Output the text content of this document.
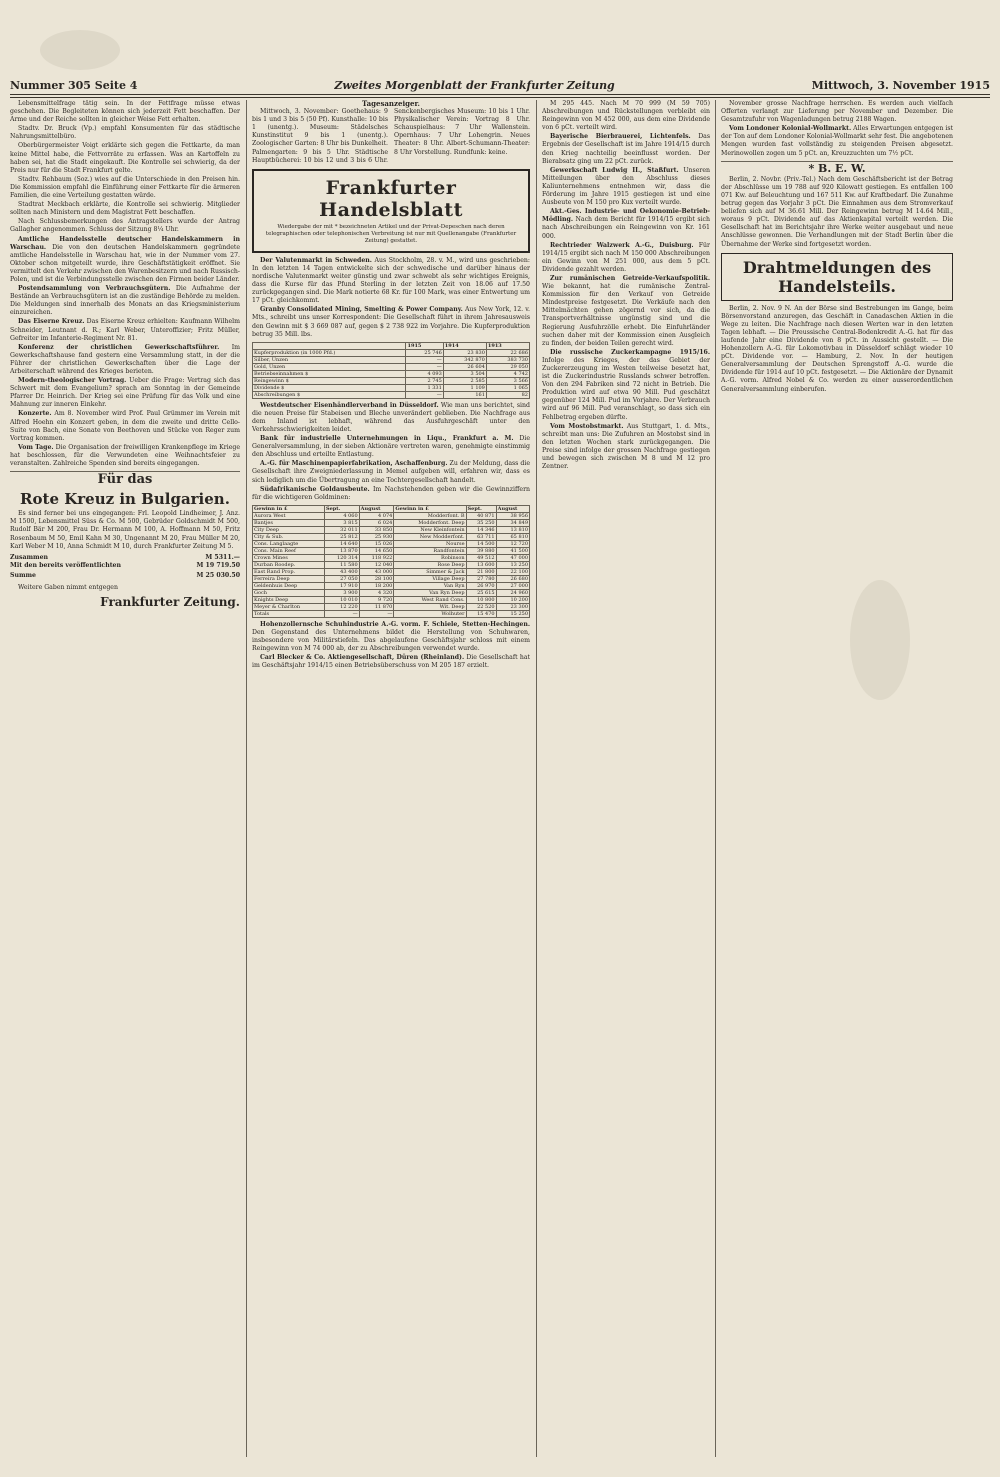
Nummer 305 Seite 4	Zweites Morgenblatt der Frankfurter Zeitung	Mittwoch, 3. November 1915

Lebensmittelfrage tätig sein. In der Fettfrage müsse etwas geschehen. Die Begleiteten können sich jederzeit Fett beschaffen. Der Arme und der Reiche sollten in gleicher Weise Fett erhalten.

Stadtv. Dr. Bruck (Vp.) empfahl Konsumenten für das städtische Nahrungsmittelbüro.

Oberbürgermeister Voigt erklärte sich gegen die Fettkarte, da man keine Mittel habe, die Fettvorräte zu erfassen. Was an Kartoffeln zu haben sei, hat die Stadt eingekauft. Die Kontrolle sei schwierig, da der Preis nur für die Stadt Frankfurt gelte.

Stadtv. Rehbaum (Soz.) wies auf die Unterschiede in den Preisen hin. Die Kommission empfahl die Einführung einer Fettkarte für die ärmeren Familien, die eine Verteilung gestatten würde.

Stadtrat Meckbach erklärte, die Kontrolle sei schwierig. Mitglieder sollten nach Ministern und dem Magistrat Fett beschaffen.

Nach Schlussbemerkungen des Antragstellers wurde der Antrag Gallagher angenommen. Schluss der Sitzung 8¼ Uhr.

Amtliche Handelsstelle deutscher Handelskammern in Warschau. Die von den deutschen Handelskammern gegründete amtliche Handelsstelle in Warschau hat, wie in der Nummer vom 27. Oktober schon mitgeteilt wurde, ihre Geschäftstätigkeit eröffnet. Sie vermittelt den Verkehr zwischen den Warenbesitzern und nach Russisch-Polen, und ist die Verbindungsstelle zwischen den Firmen beider Länder.

Postendsammlung von Verbrauchsgütern. Die Aufnahme der Bestände an Verbrauchsgütern ist an die zuständige Behörde zu melden. Die Meldungen sind innerhalb des Monats an das Kriegsministerium einzureichen.

Das Eiserne Kreuz. Das Eiserne Kreuz erhielten: Kaufmann Wilhelm Schneider, Leutnant d. R.; Karl Weber, Unteroffizier; Fritz Müller, Gefreiter im Infanterie-Regiment Nr. 81.

Konferenz der christlichen Gewerkschaftsführer. Im Gewerkschaftshause fand gestern eine Versammlung statt, in der die Führer der christlichen Gewerkschaften über die Lage der Arbeiterschaft während des Krieges berieten.

Modern-theologischer Vortrag. Ueber die Frage: Vertrag sich das Schwert mit dem Evangelium? sprach am Sonntag in der Gemeinde Pfarrer Dr. Heinrich. Der Krieg sei eine Prüfung für das Volk und eine Mahnung zur inneren Einkehr.

Konzerte. Am 8. November wird Prof. Paul Grümmer im Verein mit Alfred Hoehn ein Konzert geben, in dem die zweite und dritte Cello-Suite von Bach, eine Sonate von Beethoven und Stücke von Reger zum Vortrag kommen.

Vom Tage. Die Organisation der freiwilligen Krankenpflege im Kriege hat beschlossen, für die Verwundeten eine Weihnachtsfeier zu veranstalten. Zahlreiche Spenden sind bereits eingegangen.

Für das
Rote Kreuz in Bulgarien.

Es sind ferner bei uns eingegangen: Frl. Leopold Lindheimer, J. Anz. M 1500, Lebensmittel Süss & Co. M 500, Gebrüder Goldschmidt M 500, Rudolf Bär M 200, Frau Dr. Hermann M 100, A. Hoffmann M 50, Fritz Rosenbaum M 50, Emil Kahn M 30, Ungenannt M 20, Frau Müller M 20, Karl Weber M 10, Anna Schmidt M 10, durch Frankfurter Zeitung M 5.

Zusammen	M 5311.—
Mit den bereits veröffentlichten	M 19 719.50
Summe	M 25 030.50

Weitere Gaben nimmt entgegen

Frankfurter Zeitung.
Tagesanzeiger.

Mittwoch, 3. November: Goethehaus: 9 bis 1 und 3 bis 5 (50 Pf). Kunsthalle: 10 bis 1 (unentg.). Museum: Städelsches Kunstinstitut 9 bis 1 (unentg.). Zoologischer Garten: 8 Uhr bis Dunkelheit. Palmengarten: 9 bis 5 Uhr. Städtische Hauptbücherei: 10 bis 12 und 3 bis 6 Uhr. Senckenbergisches Museum: 10 bis 1 Uhr. Physikalischer Verein: Vortrag 8 Uhr. Schauspielhaus: 7 Uhr Wallenstein. Opernhaus: 7 Uhr Lohengrin. Neues Theater: 8 Uhr. Albert-Schumann-Theater: 8 Uhr Vorstellung. Rundfunk: keine.

Frankfurter Handelsblatt
Wiedergabe der mit * bezeichneten Artikel und der Privat-Depeschen nach deren telegraphischen oder telephonischen Verbreitung ist nur mit Quellenangabe (Frankfurter Zeitung) gestattet.

Der Valutenmarkt in Schweden. Aus Stockholm, 28. v. M., wird uns geschrieben: In den letzten 14 Tagen entwickelte sich der schwedische und darüber hinaus der nordische Valutenmarkt weiter günstig und zwar schwebt als sehr wichtiges Ereignis, dass die Kurse für das Pfund Sterling in der letzten Zeit von 18.06 auf 17.50 zurückgegangen sind. Die Mark notierte 68 Kr. für 100 Mark, was einer Entwertung um 17 pCt. gleichkommt.

Granby Consolidated Mining, Smelting & Power Company. Aus New York, 12. v. Mts., schreibt uns unser Korrespondent: Die Gesellschaft führt in ihrem Jahresausweis den Gewinn mit $ 3 669 087 auf, gegen $ 2 738 922 im Vorjahre. Die Kupferproduktion betrug 35 Mill. lbs.

	1915	1914	1913
Kupferproduktion (in 1000 Pfd.)	25 746	23 830	22 686
Silber, Unzen	—	342 870	383 730
Gold, Unzen	—	26 604	29 050
Betriebseinnahmen $	4 093	3 504	4 742
Reingewinn $	2 745	2 585	3 566
Dividende $	1 331	1 109	1 065
Abschreibungen $	—	161	82

Westdeutscher Eisenhändlerverband in Düsseldorf. Wie man uns berichtet, sind die neuen Preise für Stabeisen und Bleche unverändert geblieben. Die Nachfrage aus dem Inland ist lebhaft, während das Ausfuhrgeschäft unter den Verkehrsschwierigkeiten leidet.

Bank für industrielle Unternehmungen in Liqu., Frankfurt a. M. Die Generalversammlung, in der sieben Aktionäre vertreten waren, genehmigte einstimmig den Abschluss und erteilte Entlastung.

A.-G. für Maschinenpapierfabrikation, Aschaffenburg. Zu der Meldung, dass die Gesellschaft ihre Zweigniederlassung in Memel aufgeben will, erfahren wir, dass es sich lediglich um die Übertragung an eine Tochtergesellschaft handelt.

Südafrikanische Goldausbeute. Im Nachstehenden geben wir die Gewinnziffern für die wichtigeren Goldminen:

Gewinn in £	Sept.	August	Gewinn in £	Sept.	August
Aurora West	4 060	4 074	Modderfont. B	40 871	38 956
Bantjes	3 815	6 024	Modderfont. Deep	35 250	34 849
City Deep	32 011	33 850	New Kleinfontein	14 346	13 810
City & Sub.	25 812	25 930	New Modderfont.	63 711	65 810
Cons. Langlaagte	14 640	15 026	Nourse	14 500	12 720
Cons. Main Reef	13 870	14 650	Randfontein	39 880	41 500
Crown Mines	120 314	118 922	Robinson	49 512	47 000
Durban Roodep.	11 580	12 040	Rose Deep	13 600	13 250
East Rand Prop.	43 400	43 000	Simmer & Jack	21 800	22 100
Ferreira Deep	27 050	28 100	Village Deep	27 780	26 680
Geldenhuis Deep	17 910	18 200	Van Ryn	26 970	27 000
Goch	3 900	4 320	Van Ryn Deep	25 615	24 960
Knights Deep	10 010	9 720	West Rand Cons.	10 800	10 200
Meyer & Charlton	12 220	11 870	Wit. Deep	22 520	23 300
Totals	—	—	Wolhuter	15 470	15 250

Hohenzollernsche Schuhindustrie A.-G. vorm. F. Schiele, Stetten-Hechingen. Den Gegenstand des Unternehmens bildet die Herstellung von Schuhwaren, insbesondere von Militärstiefeln. Das abgelaufene Geschäftsjahr schloss mit einem Reingewinn von M 74 000 ab, der zu Abschreibungen verwendet wurde.

Carl Blecker & Co. Aktiengesellschaft, Düren (Rheinland). Die Gesellschaft hat im Geschäftsjahr 1914/15 einen Betriebsüberschuss von M 205 187 erzielt.

M 295 445. Nach M 70 999 (M 59 705) Abschreibungen und Rückstellungen verbleibt ein Reingewinn von M 452 000, aus dem eine Dividende von 6 pCt. verteilt wird.

Bayerische Bierbrauerei, Lichtenfels. Das Ergebnis der Gesellschaft ist im Jahre 1914/15 durch den Krieg nachteilig beeinflusst worden. Der Bierabsatz ging um 22 pCt. zurück.

Gewerkschaft Ludwig II., Staßfurt. Unseren Mitteilungen über den Abschluss dieses Kaliunternehmens entnehmen wir, dass die Förderung im Jahre 1915 gestiegen ist und eine Ausbeute von M 150 pro Kux verteilt wurde.

Akt.-Ges. Industrie- und Oekonomie-Betrieb-Mödling. Nach dem Bericht für 1914/15 ergibt sich nach Abschreibungen ein Reingewinn von Kr. 161 000.

Rechtrieder Walzwerk A.-G., Duisburg. Für 1914/15 ergibt sich nach M 150 000 Abschreibungen ein Gewinn von M 251 000, aus dem 5 pCt. Dividende gezahlt werden.

Zur rumänischen Getreide-Verkaufspolitik. Wie bekannt, hat die rumänische Zentral-Kommission für den Verkauf von Getreide Mindestpreise festgesetzt. Die Verkäufe nach den Mittelmächten gehen zögernd vor sich, da die Transportverhältnisse ungünstig sind und die Regierung Ausfuhrzölle erhebt. Die Einfuhrländer suchen daher mit der Kommission einen Ausgleich zu finden, der beiden Teilen gerecht wird.

Die russische Zuckerkampagne 1915/16. Infolge des Krieges, der das Gebiet der Zuckererzeugung im Westen teilweise besetzt hat, ist die Zuckerindustrie Russlands schwer betroffen. Von den 294 Fabriken sind 72 nicht in Betrieb. Die Produktion wird auf etwa 90 Mill. Pud geschätzt gegenüber 124 Mill. Pud im Vorjahre. Der Verbrauch wird auf 96 Mill. Pud veranschlagt, so dass sich ein Fehlbetrag ergeben dürfte.

Vom Mostobstmarkt. Aus Stuttgart, 1. d. Mts., schreibt man uns: Die Zufuhren an Mostobst sind in den letzten Wochen stark zurückgegangen. Die Preise sind infolge der grossen Nachfrage gestiegen und bewegen sich zwischen M 8 und M 12 pro Zentner.

November grosse Nachfrage herrschen. Es werden auch vielfach Offerten verlangt zur Lieferung per November und Dezember. Die Gesamtzufuhr von Wagenladungen betrug 2188 Wagen.

Vom Londoner Kolonial-Wollmarkt. Alles Erwartungen entgegen ist der Ton auf dem Londoner Kolonial-Wollmarkt sehr fest. Die angebotenen Mengen wurden fast vollständig zu steigenden Preisen abgesetzt. Merinowollen zogen um 5 pCt. an, Kreuzzuchten um 7½ pCt.

* B. E. W.

Berlin, 2. Novbr. (Priv.-Tel.) Nach dem Geschäftsbericht ist der Betrag der Abschlüsse um 19 788 auf 920 Kilowatt gestiegen. Es entfallen 100 071 Kw. auf Beleuchtung und 167 511 Kw. auf Kraftbedarf. Die Zunahme betrug gegen das Vorjahr 3 pCt. Die Einnahmen aus dem Stromverkauf beliefen sich auf M 36.61 Mill. Der Reingewinn betrug M 14.64 Mill., woraus 9 pCt. Dividende auf das Aktienkapital verteilt werden. Die Gesellschaft hat im Berichtsjahr ihre Werke weiter ausgebaut und neue Anschlüsse gewonnen. Die Verhandlungen mit der Stadt Berlin über die Übernahme der Werke sind fortgesetzt worden.

Drahtmeldungen des Handelsteils.

Berlin, 2. Nov. 9 N. An der Börse sind Bestrebungen im Gange, beim Börsenvorstand anzuregen, das Geschäft in Canadaschen Aktien in die Wege zu leiten. Die Nachfrage nach diesen Werten war in den letzten Tagen lebhaft. — Die Preussische Central-Bodenkredit A.-G. hat für das laufende Jahr eine Dividende von 8 pCt. in Aussicht gestellt. — Die Hohenzollern A.-G. für Lokomotivbau in Düsseldorf schlägt wieder 10 pCt. Dividende vor. — Hamburg, 2. Nov. In der heutigen Generalversammlung der Deutschen Sprengstoff A.-G. wurde die Dividende für 1914 auf 10 pCt. festgesetzt. — Die Aktionäre der Dynamit A.-G. vorm. Alfred Nobel & Co. werden zu einer ausserordentlichen Generalversammlung einberufen.
